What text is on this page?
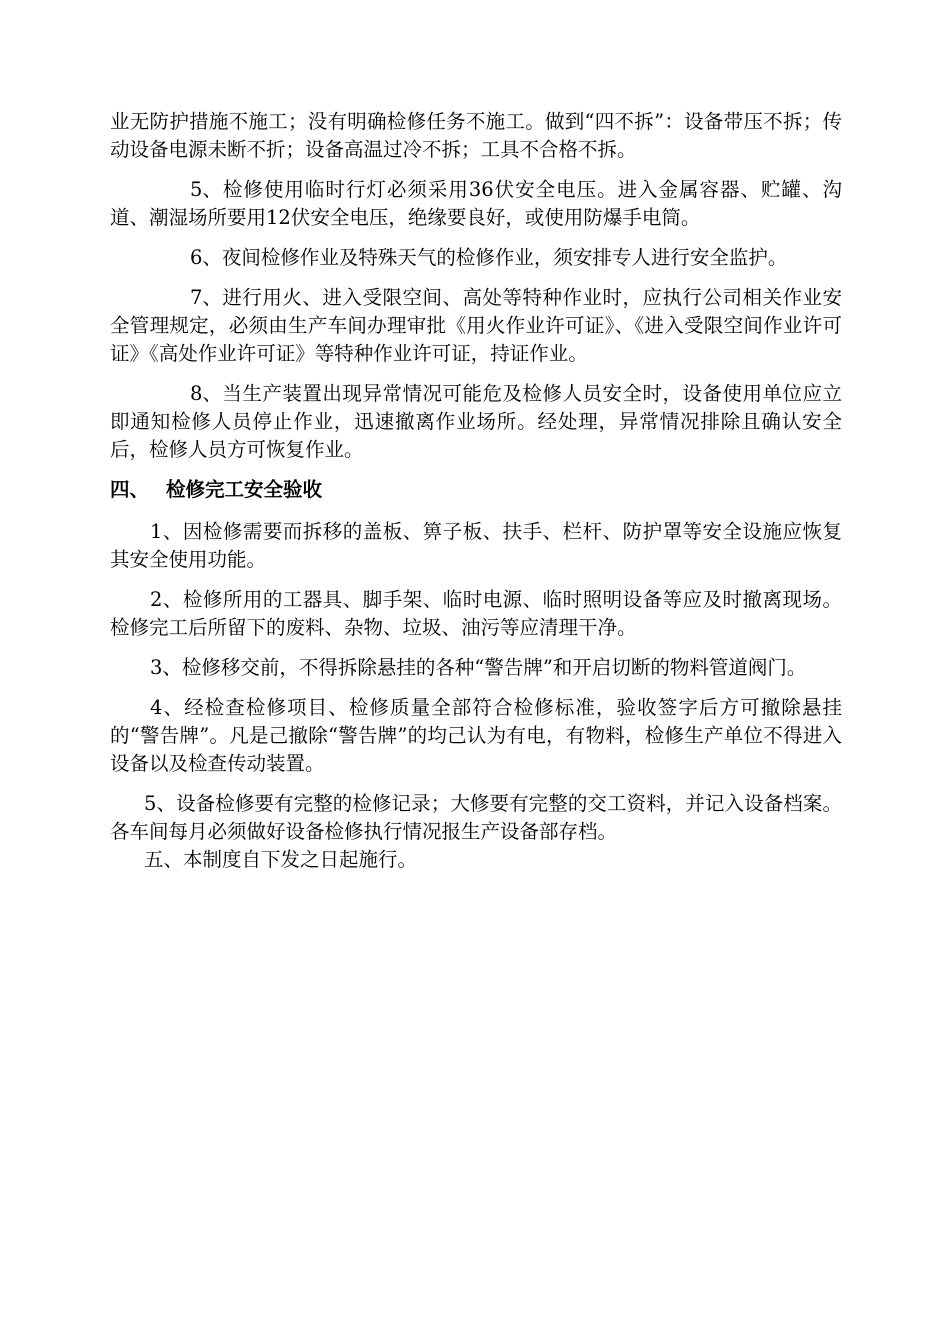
业无防护措施不施工；没有明确检修任务不施工。做到“四不拆”：设备带压不拆；传动设备电源未断不折；设备高温过冷不拆；工具不合格不拆。

5、检修使用临时行灯必须采用36伏安全电压。进入金属容器、贮罐、沟道、潮湿场所要用12伏安全电压，绝缘要良好，或使用防爆手电筒。

6、夜间检修作业及特殊天气的检修作业，须安排专人进行安全监护。

7、进行用火、进入受限空间、高处等特种作业时，应执行公司相关作业安全管理规定，必须由生产车间办理审批《用火作业许可证》、《进入受限空间作业许可证》《高处作业许可证》等特种作业许可证，持证作业。

8、当生产装置出现异常情况可能危及检修人员安全时，设备使用单位应立即通知检修人员停止作业，迅速撤离作业场所。经处理，异常情况排除且确认安全后，检修人员方可恢复作业。

四、 检修完工安全验收

1、因检修需要而拆移的盖板、箅子板、扶手、栏杆、防护罩等安全设施应恢复其安全使用功能。

2、检修所用的工器具、脚手架、临时电源、临时照明设备等应及时撤离现场。检修完工后所留下的废料、杂物、垃圾、油污等应清理干净。

3、检修移交前，不得拆除悬挂的各种“警告牌”和开启切断的物料管道阀门。

4、经检查检修项目、检修质量全部符合检修标准，验收签字后方可撤除悬挂的“警告牌”。凡是己撤除“警告牌”的均己认为有电，有物料，检修生产单位不得进入设备以及检查传动装置。

5、设备检修要有完整的检修记录；大修要有完整的交工资料，并记入设备档案。各车间每月必须做好设备检修执行情况报生产设备部存档。

五、本制度自下发之日起施行。
